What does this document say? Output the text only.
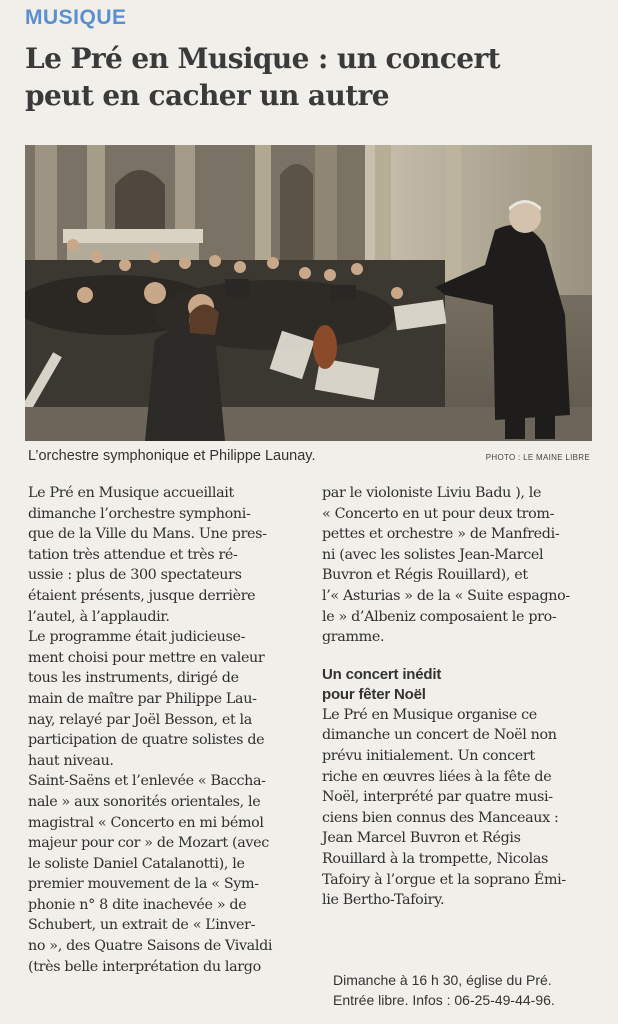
MUSIQUE
Le Pré en Musique : un concert
peut en cacher un autre
L’orchestre symphonique et Philippe Launay.	PHOTO : LE MAINE LIBRE
Le Pré en Musique accueillait
dimanche l’orchestre symphoni-
que de la Ville du Mans. Une pres-
tation très attendue et très ré-
ussie : plus de 300 spectateurs
étaient présents, jusque derrière
l’autel, à l’applaudir.
Le programme était judicieuse-
ment choisi pour mettre en valeur
tous les instruments, dirigé de
main de maître par Philippe Lau-
nay, relayé par Joël Besson, et la
participation de quatre solistes de
haut niveau.
Saint-Saëns et l’enlevée « Baccha-
nale » aux sonorités orientales, le
magistral « Concerto en mi bémol
majeur pour cor » de Mozart (avec
le soliste Daniel Catalanotti), le
premier mouvement de la « Sym-
phonie n° 8 dite inachevée » de
Schubert, un extrait de « L’inver-
no », des Quatre Saisons de Vivaldi
(très belle interprétation du largo
par le violoniste Liviu Badu ), le
« Concerto en ut pour deux trom-
pettes et orchestre » de Manfredi-
ni (avec les solistes Jean-Marcel
Buvron et Régis Rouillard), et
l’« Asturias » de la « Suite espagno-
le » d’Albeniz composaient le pro-
gramme.
Un concert inédit
pour fêter Noël
Le Pré en Musique organise ce
dimanche un concert de Noël non
prévu initialement. Un concert
riche en œuvres liées à la fête de
Noël, interprété par quatre musi-
ciens bien connus des Manceaux :
Jean Marcel Buvron et Régis
Rouillard à la trompette, Nicolas
Tafoiry à l’orgue et la soprano Émi-
lie Bertho-Tafoiry.
Dimanche à 16 h 30, église du Pré.
Entrée libre. Infos : 06-25-49-44-96.
